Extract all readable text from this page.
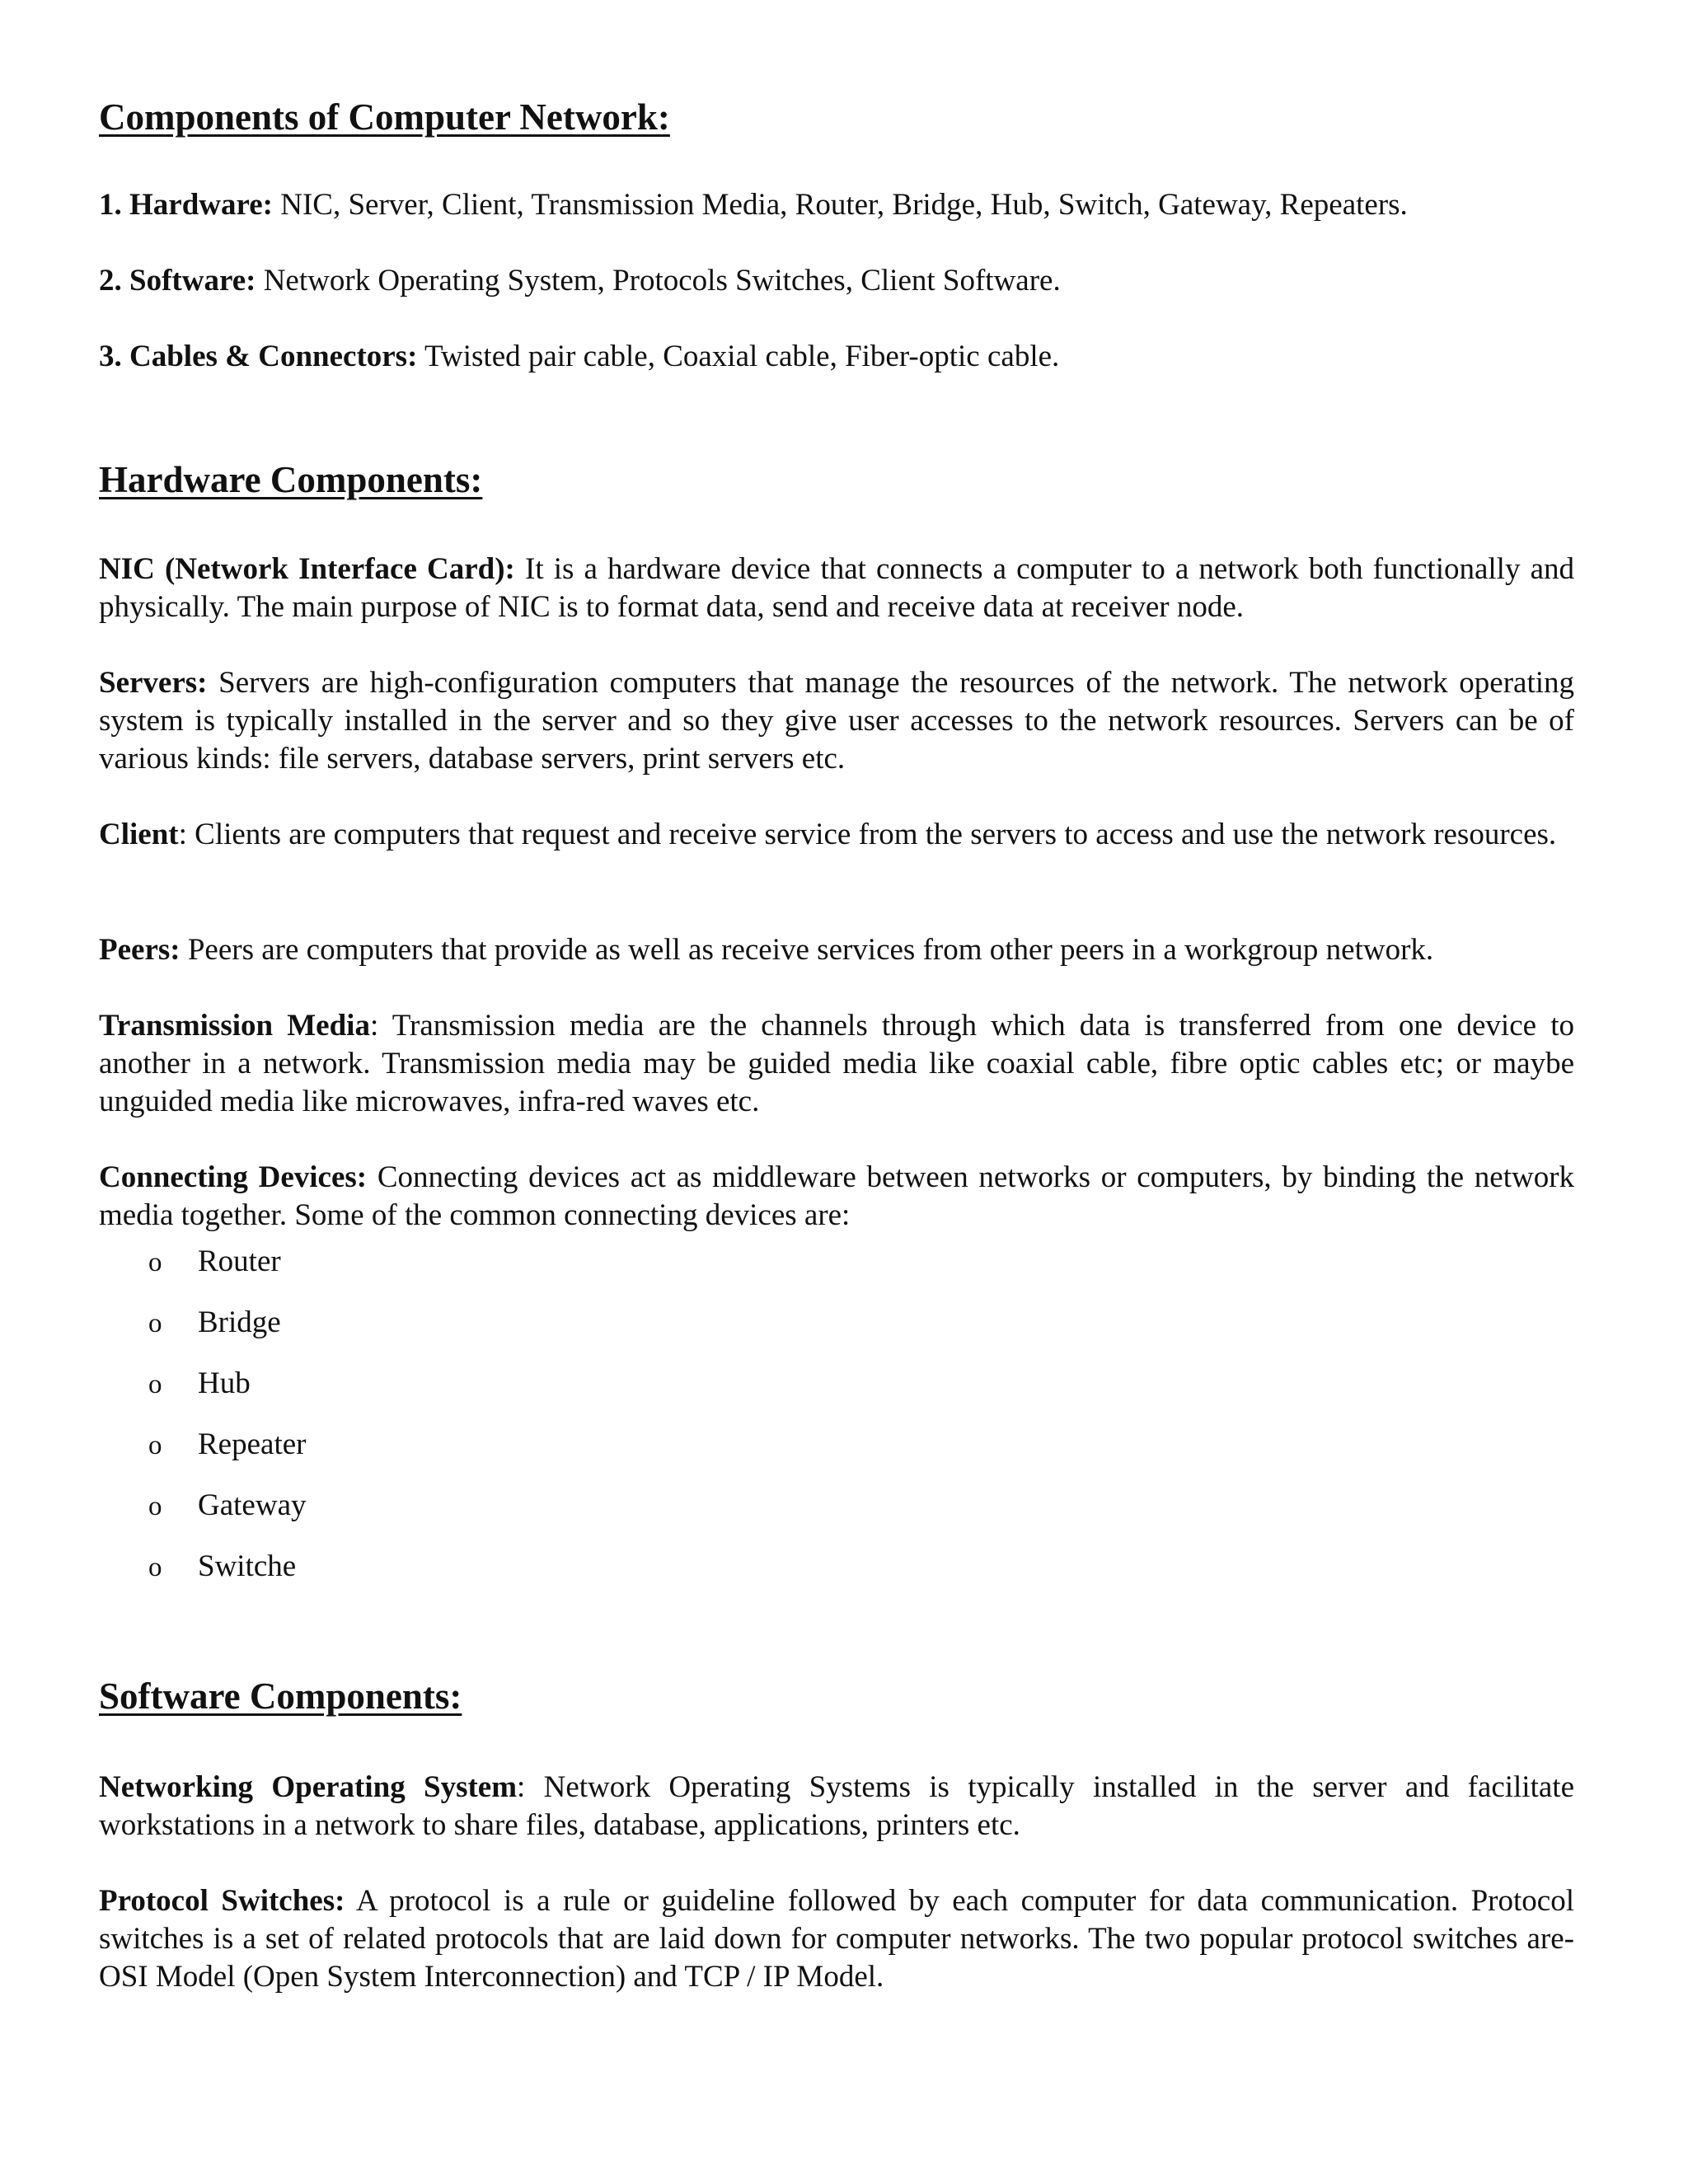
Components of Computer Network:

1. Hardware: NIC, Server, Client, Transmission Media, Router, Bridge, Hub, Switch, Gateway, Repeaters.

2. Software: Network Operating System, Protocols Switches, Client Software.

3. Cables & Connectors: Twisted pair cable, Coaxial cable, Fiber-optic cable.

Hardware Components:

NIC (Network Interface Card): It is a hardware device that connects a computer to a network both functionally and physically. The main purpose of NIC is to format data, send and receive data at receiver node.

Servers: Servers are high-configuration computers that manage the resources of the network. The network operating system is typically installed in the server and so they give user accesses to the network resources. Servers can be of various kinds: file servers, database servers, print servers etc.

Client: Clients are computers that request and receive service from the servers to access and use the network resources.

Peers: Peers are computers that provide as well as receive services from other peers in a workgroup network.

Transmission Media: Transmission media are the channels through which data is transferred from one device to another in a network. Transmission media may be guided media like coaxial cable, fibre optic cables etc; or maybe unguided media like microwaves, infra-red waves etc.

Connecting Devices: Connecting devices act as middleware between networks or computers, by binding the network media together. Some of the common connecting devices are:

o Router
o Bridge
o Hub
o Repeater
o Gateway
o Switche
Software Components:

Networking Operating System: Network Operating Systems is typically installed in the server and facilitate workstations in a network to share files, database, applications, printers etc.

Protocol Switches: A protocol is a rule or guideline followed by each computer for data communication. Protocol switches is a set of related protocols that are laid down for computer networks. The two popular protocol switches are- OSI Model (Open System Interconnection) and TCP / IP Model.
